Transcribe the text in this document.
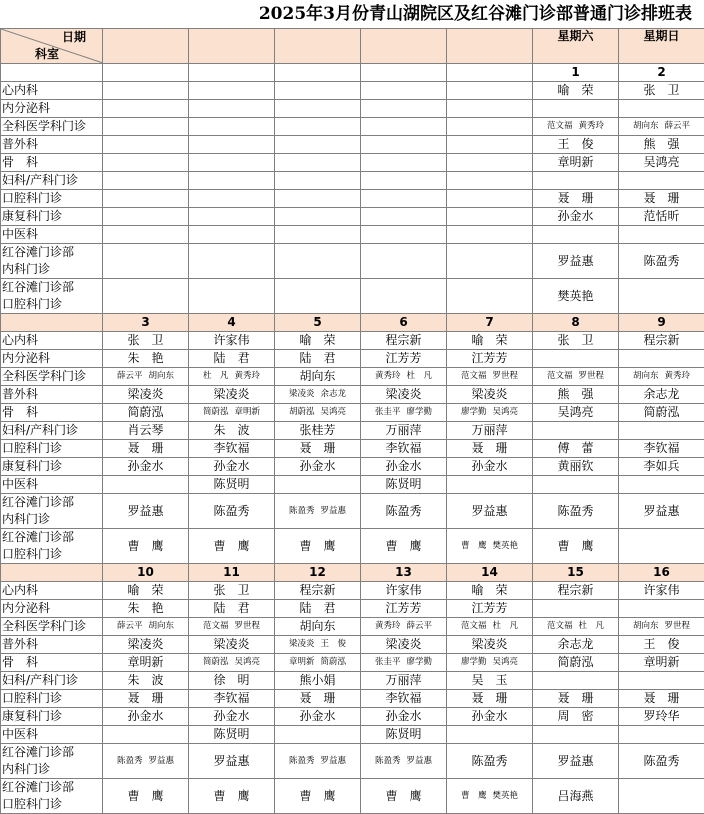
2025年3月份青山湖院区及红谷滩门诊部普通门诊排班表
日期
科室						星期六	星期日
						1	2
心内科						喻　荣	张　卫
内分泌科							
全科医学科门诊						范文福 黄秀玲	胡向东 薛云平
普外科						王　俊	熊　强
骨　科						章明新	吴鸿亮
妇科/产科门诊							
口腔科门诊						聂　珊	聂　珊
康复科门诊						孙金水	范恬昕
中医科							
红谷滩门诊部
内科门诊						罗益惠	陈盈秀
红谷滩门诊部
口腔科门诊						樊英艳	
	3	4	5	6	7	8	9
心内科	张　卫	许家伟	喻　荣	程宗新	喻　荣	张　卫	程宗新
内分泌科	朱　艳	陆　君	陆　君	江芳芳	江芳芳		
全科医学科门诊	薛云平 胡向东	杜　凡 黄秀玲	胡向东	黄秀玲 杜　凡	范文福 罗世程	范文福 罗世程	胡向东 黄秀玲
普外科	梁凌炎	梁凌炎	梁凌炎 余志龙	梁凌炎	梁凌炎	熊　强	余志龙
骨　科	简蔚泓	简蔚泓 章明新	胡蔚泓 吴鸿亮	张圭平 廖学勤	廖学勤 吴鸿亮	吴鸿亮	简蔚泓
妇科/产科门诊	肖云琴	朱　波	张桂芳	万丽萍	万丽萍		
口腔科门诊	聂　珊	李钦福	聂　珊	李钦福	聂　珊	傅　蕾	李钦福
康复科门诊	孙金水	孙金水	孙金水	孙金水	孙金水	黄丽钦	李如兵
中医科		陈贤明		陈贤明			
红谷滩门诊部
内科门诊	罗益惠	陈盈秀	陈盈秀 罗益惠	陈盈秀	罗益惠	陈盈秀	罗益惠
红谷滩门诊部
口腔科门诊	曹　鹰	曹　鹰	曹　鹰	曹　鹰	曹　鹰 樊英艳	曹　鹰	
	10	11	12	13	14	15	16
心内科	喻　荣	张　卫	程宗新	许家伟	喻　荣	程宗新	许家伟
内分泌科	朱　艳	陆　君	陆　君	江芳芳	江芳芳		
全科医学科门诊	薛云平 胡向东	范文福 罗世程	胡向东	黄秀玲 薛云平	范文福 杜　凡	范文福 杜　凡	胡向东 罗世程
普外科	梁凌炎	梁凌炎	梁凌炎 王　俊	梁凌炎	梁凌炎	余志龙	王　俊
骨　科	章明新	简蔚泓 吴鸿亮	章明新 简蔚泓	张圭平 廖学勤	廖学勤 吴鸿亮	简蔚泓	章明新
妇科/产科门诊	朱　波	徐　明	熊小娟	万丽萍	吴　玉		
口腔科门诊	聂　珊	李钦福	聂　珊	李钦福	聂　珊	聂　珊	聂　珊
康复科门诊	孙金水	孙金水	孙金水	孙金水	孙金水	周　密	罗玲华
中医科		陈贤明		陈贤明			
红谷滩门诊部
内科门诊	陈盈秀 罗益惠	罗益惠	陈盈秀 罗益惠	陈盈秀 罗益惠	陈盈秀	罗益惠	陈盈秀
红谷滩门诊部
口腔科门诊	曹　鹰	曹　鹰	曹　鹰	曹　鹰	曹　鹰 樊英艳	吕海燕	
